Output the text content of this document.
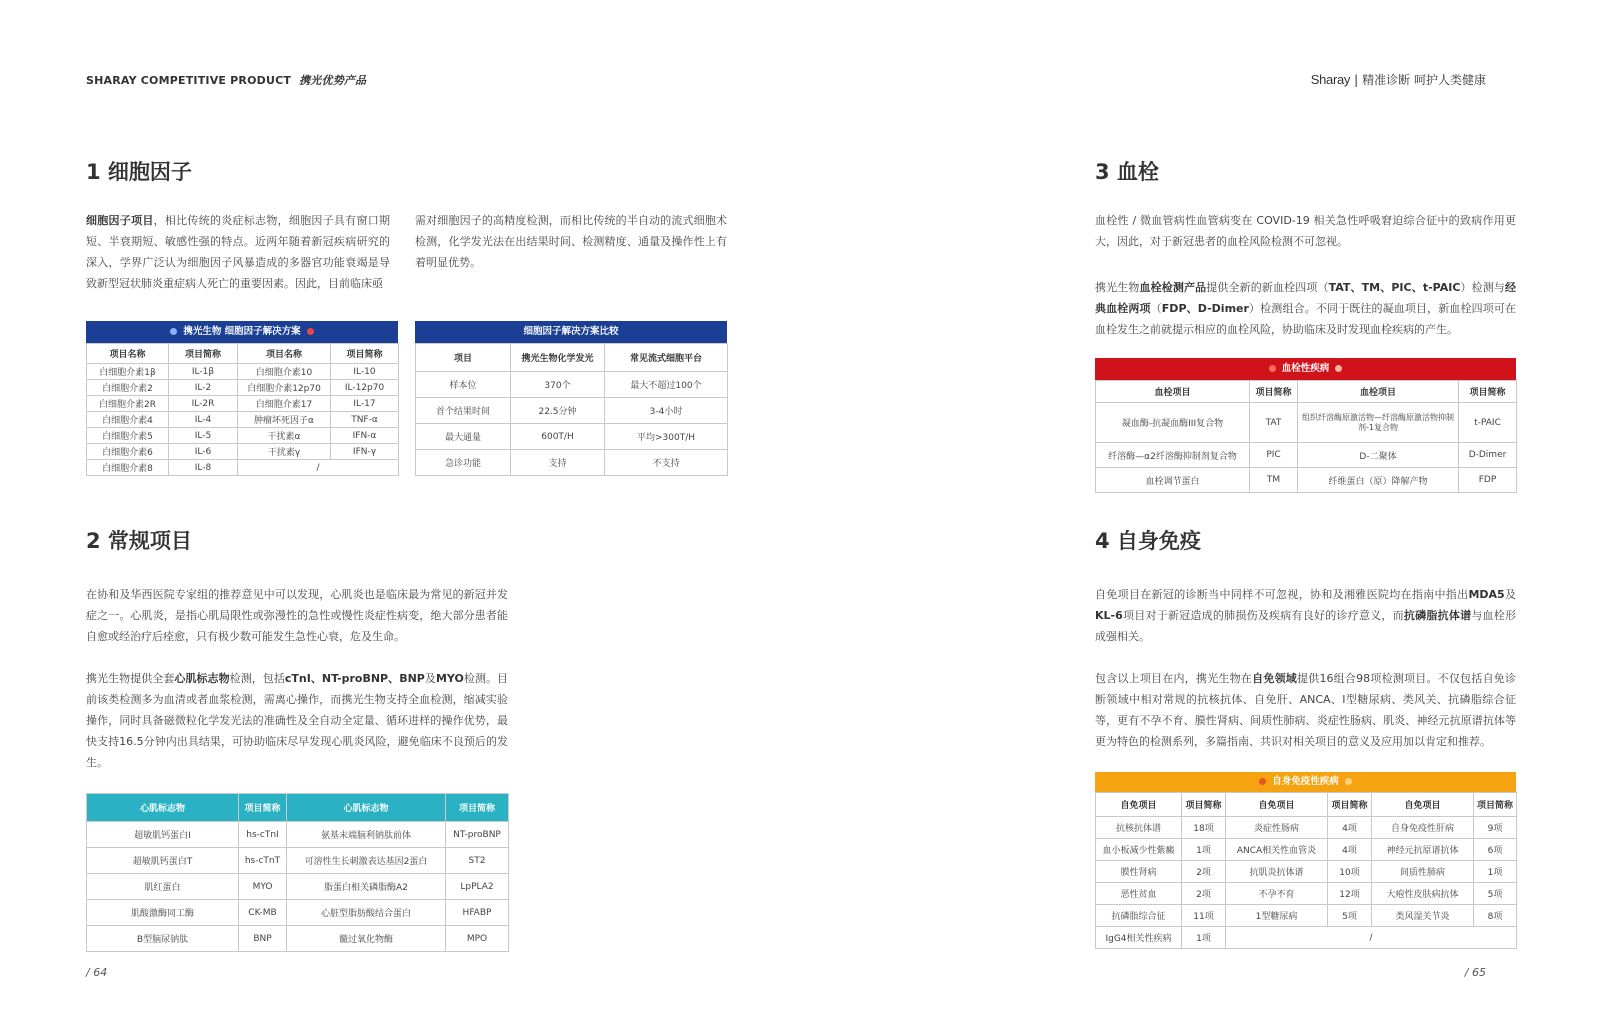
SHARAY COMPETITIVE PRODUCT 携光优势产品	Sharay | 精准诊断 呵护人类健康
1 细胞因子
细胞因子项目，相比传统的炎症标志物，细胞因子具有窗口期短、半衰期短、敏感性强的特点。近两年随着新冠疾病研究的深入，学界广泛认为细胞因子风暴造成的多器官功能衰竭是导致新型冠状肺炎重症病人死亡的重要因素。因此，目前临床亟
需对细胞因子的高精度检测，而相比传统的半自动的流式细胞术检测，化学发光法在出结果时间、检测精度、通量及操作性上有着明显优势。
携光生物 细胞因子解决方案
项目名称	项目简称	项目名称	项目简称
白细胞介素1β	IL-1β	白细胞介素10	IL-10
白细胞介素2	IL-2	白细胞介素12p70	IL-12p70
白细胞介素2R	IL-2R	白细胞介素17	IL-17
白细胞介素4	IL-4	肿瘤坏死因子α	TNF-α
白细胞介素5	IL-5	干扰素α	IFN-α
白细胞介素6	IL-6	干扰素γ	IFN-γ
白细胞介素8	IL-8	/	
细胞因子解决方案比较
项目	携光生物化学发光	常见流式细胞平台
样本位	370个	最大不超过100个
首个结果时间	22.5分钟	3-4小时
最大通量	600T/H	平均>300T/H
急诊功能	支持	不支持
2 常规项目
在协和及华西医院专家组的推荐意见中可以发现，心肌炎也是临床最为常见的新冠并发症之一。心肌炎，是指心肌局限性或弥漫性的急性或慢性炎症性病变，绝大部分患者能自愈或经治疗后痊愈，只有极少数可能发生急性心衰，危及生命。
携光生物提供全套心肌标志物检测，包括cTnI、NT-proBNP、BNP及MYO检测。目前该类检测多为血清或者血浆检测，需离心操作，而携光生物支持全血检测，缩减实验操作，同时具备磁微粒化学发光法的准确性及全自动全定量、循环进样的操作优势，最快支持16.5分钟内出具结果，可协助临床尽早发现心肌炎风险，避免临床不良预后的发生。
心肌标志物	项目简称	心肌标志物	项目简称
超敏肌钙蛋白I	hs-cTnI	氨基末端脑利钠肽前体	NT-proBNP
超敏肌钙蛋白T	hs-cTnT	可溶性生长刺激表达基因2蛋白	ST2
肌红蛋白	MYO	脂蛋白相关磷脂酶A2	LpPLA2
肌酸激酶同工酶	CK-MB	心脏型脂肪酸结合蛋白	HFABP
B型脑尿钠肽	BNP	髓过氧化物酶	MPO
/ 64
3 血栓
血栓性 / 微血管病性血管病变在 COVID-19 相关急性呼吸窘迫综合征中的致病作用更大，因此，对于新冠患者的血栓风险检测不可忽视。
携光生物血栓检测产品提供全新的新血栓四项（TAT、TM、PIC、t-PAIC）检测与经典血栓两项（FDP、D-Dimer）检测组合。不同于既往的凝血项目，新血栓四项可在血栓发生之前就提示相应的血栓风险，协助临床及时发现血栓疾病的产生。
血栓性疾病
血栓项目	项目简称	血栓项目	项目简称
凝血酶-抗凝血酶III复合物	TAT	组织纤溶酶原激活物—纤溶酶原激活物抑制剂-1复合物	t-PAIC
纤溶酶—α2纤溶酶抑制剂复合物	PIC	D-二聚体	D-Dimer
血栓调节蛋白	TM	纤维蛋白（原）降解产物	FDP
4 自身免疫
自免项目在新冠的诊断当中同样不可忽视，协和及湘雅医院均在指南中指出MDA5及KL-6项目对于新冠造成的肺损伤及疾病有良好的诊疗意义，而抗磷脂抗体谱与血栓形成强相关。
包含以上项目在内，携光生物在自免领域提供16组合98项检测项目。不仅包括自免诊断领域中相对常规的抗核抗体、自免肝、ANCA、I型糖尿病、类风关、抗磷脂综合征等，更有不孕不育、膜性肾病、间质性肺病、炎症性肠病、肌炎、神经元抗原谱抗体等更为特色的检测系列，多篇指南、共识对相关项目的意义及应用加以肯定和推荐。
自身免疫性疾病
自免项目	项目简称	自免项目	项目简称	自免项目	项目简称
抗核抗体谱	18项	炎症性肠病	4项	自身免疫性肝病	9项
血小板减少性紫癜	1项	ANCA相关性血管炎	4项	神经元抗原谱抗体	6项
膜性肾病	2项	抗肌炎抗体谱	10项	间质性肺病	1项
恶性贫血	2项	不孕不育	12项	大疱性皮肤病抗体	5项
抗磷脂综合征	11项	1型糖尿病	5项	类风湿关节炎	8项
IgG4相关性疾病	1项	/			
/ 65
